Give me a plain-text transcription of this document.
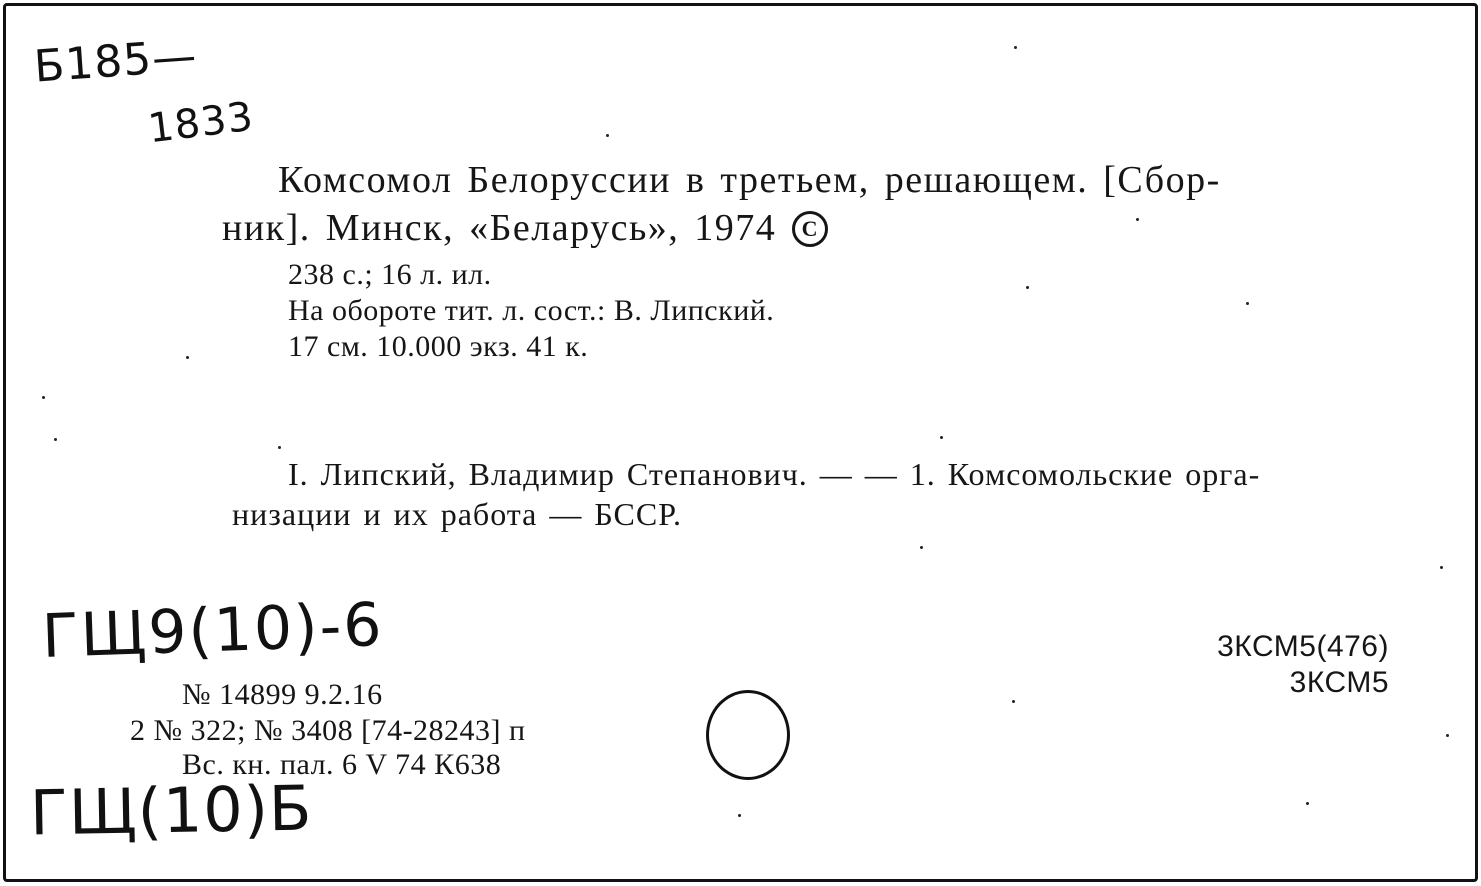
Б185—
1833
Комсомол Белоруссии в третьем, решающем. [Сбор-
ник]. Минск, «Беларусь», 1974 C
238 с.; 16 л. ил.
На обороте тит. л. сост.: В. Липский.
17 см. 10.000 экз. 41 к.
I. Липский, Владимир Степанович. — — 1. Комсомольские орга-
низации и их работа — БССР.
ГЩ9(10)-6	3КСМ5(476)
3КСМ5
№ 14899 9.2.16
2 № 322; № 3408 [74-28243] п
Вс. кн. пал. 6 V 74 К638
ГЩ(10)Б
